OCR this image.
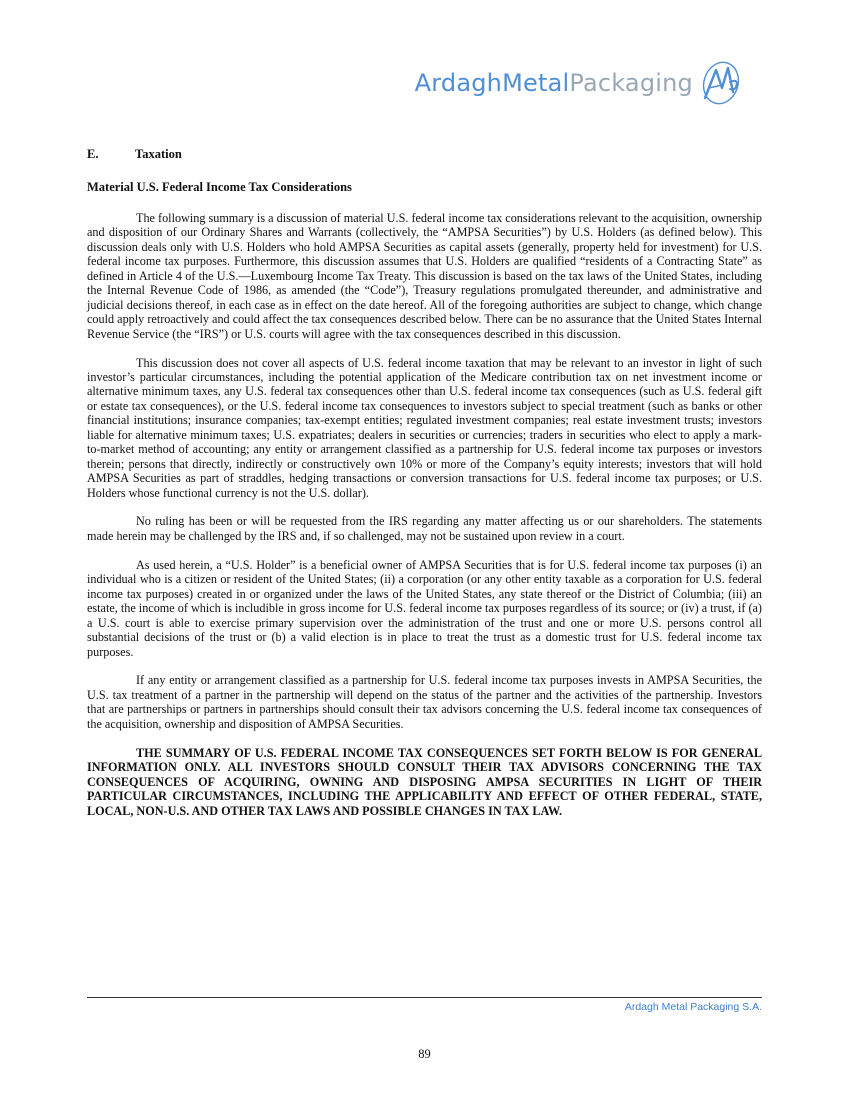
ArdaghMetalPackaging
E.	Taxation
Material U.S. Federal Income Tax Considerations

The following summary is a discussion of material U.S. federal income tax considerations relevant to the acquisition, ownership and disposition of our Ordinary Shares and Warrants (collectively, the “AMPSA Securities”) by U.S. Holders (as defined below). This discussion deals only with U.S. Holders who hold AMPSA Securities as capital assets (generally, property held for investment) for U.S. federal income tax purposes. Furthermore, this discussion assumes that U.S. Holders are qualified “residents of a Contracting State” as defined in Article 4 of the U.S.—Luxembourg Income Tax Treaty. This discussion is based on the tax laws of the United States, including the Internal Revenue Code of 1986, as amended (the “Code”), Treasury regulations promulgated thereunder, and administrative and judicial decisions thereof, in each case as in effect on the date hereof. All of the foregoing authorities are subject to change, which change could apply retroactively and could affect the tax consequences described below. There can be no assurance that the United States Internal Revenue Service (the “IRS”) or U.S. courts will agree with the tax consequences described in this discussion.

This discussion does not cover all aspects of U.S. federal income taxation that may be relevant to an investor in light of such investor’s particular circumstances, including the potential application of the Medicare contribution tax on net investment income or alternative minimum taxes, any U.S. federal tax consequences other than U.S. federal income tax consequences (such as U.S. federal gift or estate tax consequences), or the U.S. federal income tax consequences to investors subject to special treatment (such as banks or other financial institutions; insurance companies; tax-exempt entities; regulated investment companies; real estate investment trusts; investors liable for alternative minimum taxes; U.S. expatriates; dealers in securities or currencies; traders in securities who elect to apply a mark-to-market method of accounting; any entity or arrangement classified as a partnership for U.S. federal income tax purposes or investors therein; persons that directly, indirectly or constructively own 10% or more of the Company’s equity interests; investors that will hold AMPSA Securities as part of straddles, hedging transactions or conversion transactions for U.S. federal income tax purposes; or U.S. Holders whose functional currency is not the U.S. dollar).

No ruling has been or will be requested from the IRS regarding any matter affecting us or our shareholders. The statements made herein may be challenged by the IRS and, if so challenged, may not be sustained upon review in a court.

As used herein, a “U.S. Holder” is a beneficial owner of AMPSA Securities that is for U.S. federal income tax purposes (i) an individual who is a citizen or resident of the United States; (ii) a corporation (or any other entity taxable as a corporation for U.S. federal income tax purposes) created in or organized under the laws of the United States, any state thereof or the District of Columbia; (iii) an estate, the income of which is includible in gross income for U.S. federal income tax purposes regardless of its source; or (iv) a trust, if (a) a U.S. court is able to exercise primary supervision over the administration of the trust and one or more U.S. persons control all substantial decisions of the trust or (b) a valid election is in place to treat the trust as a domestic trust for U.S. federal income tax purposes.

If any entity or arrangement classified as a partnership for U.S. federal income tax purposes invests in AMPSA Securities, the U.S. tax treatment of a partner in the partnership will depend on the status of the partner and the activities of the partnership. Investors that are partnerships or partners in partnerships should consult their tax advisors concerning the U.S. federal income tax consequences of the acquisition, ownership and disposition of AMPSA Securities.

THE SUMMARY OF U.S. FEDERAL INCOME TAX CONSEQUENCES SET FORTH BELOW IS FOR GENERAL INFORMATION ONLY. ALL INVESTORS SHOULD CONSULT THEIR TAX ADVISORS CONCERNING THE TAX CONSEQUENCES OF ACQUIRING, OWNING AND DISPOSING AMPSA SECURITIES IN LIGHT OF THEIR PARTICULAR CIRCUMSTANCES, INCLUDING THE APPLICABILITY AND EFFECT OF OTHER FEDERAL, STATE, LOCAL, NON-U.S. AND OTHER TAX LAWS AND POSSIBLE CHANGES IN TAX LAW.

Ardagh Metal Packaging S.A.
89
